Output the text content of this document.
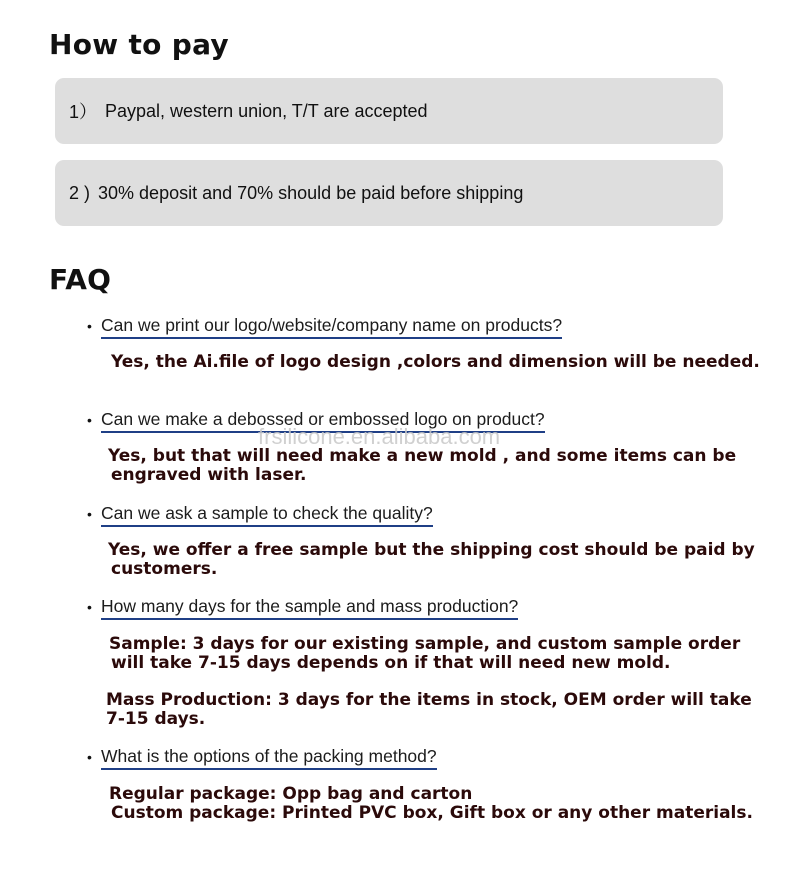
How to pay
1） Paypal, western union, T/T are accepted
2 ) 30% deposit and 70% should be paid before shipping
FAQ
• Can we print our logo/website/company name on products?

Yes, the Ai.file of logo design ,colors and dimension will be needed.

• Can we make a debossed or embossed logo on product?

Yes, but that will need make a new mold , and some items can be
engraved with laser.

• Can we ask a sample to check the quality?

Yes, we offer a free sample but the shipping cost should be paid by
customers.

• How many days for the sample and mass production?

Sample: 3 days for our existing sample, and custom sample order
will take 7-15 days depends on if that will need new mold.

Mass Production: 3 days for the items in stock, OEM order will take
7-15 days.

• What is the options of the packing method?

Regular package: Opp bag and carton
Custom package: Printed PVC box, Gift box or any other materials.

frsilicone.en.alibaba.com
